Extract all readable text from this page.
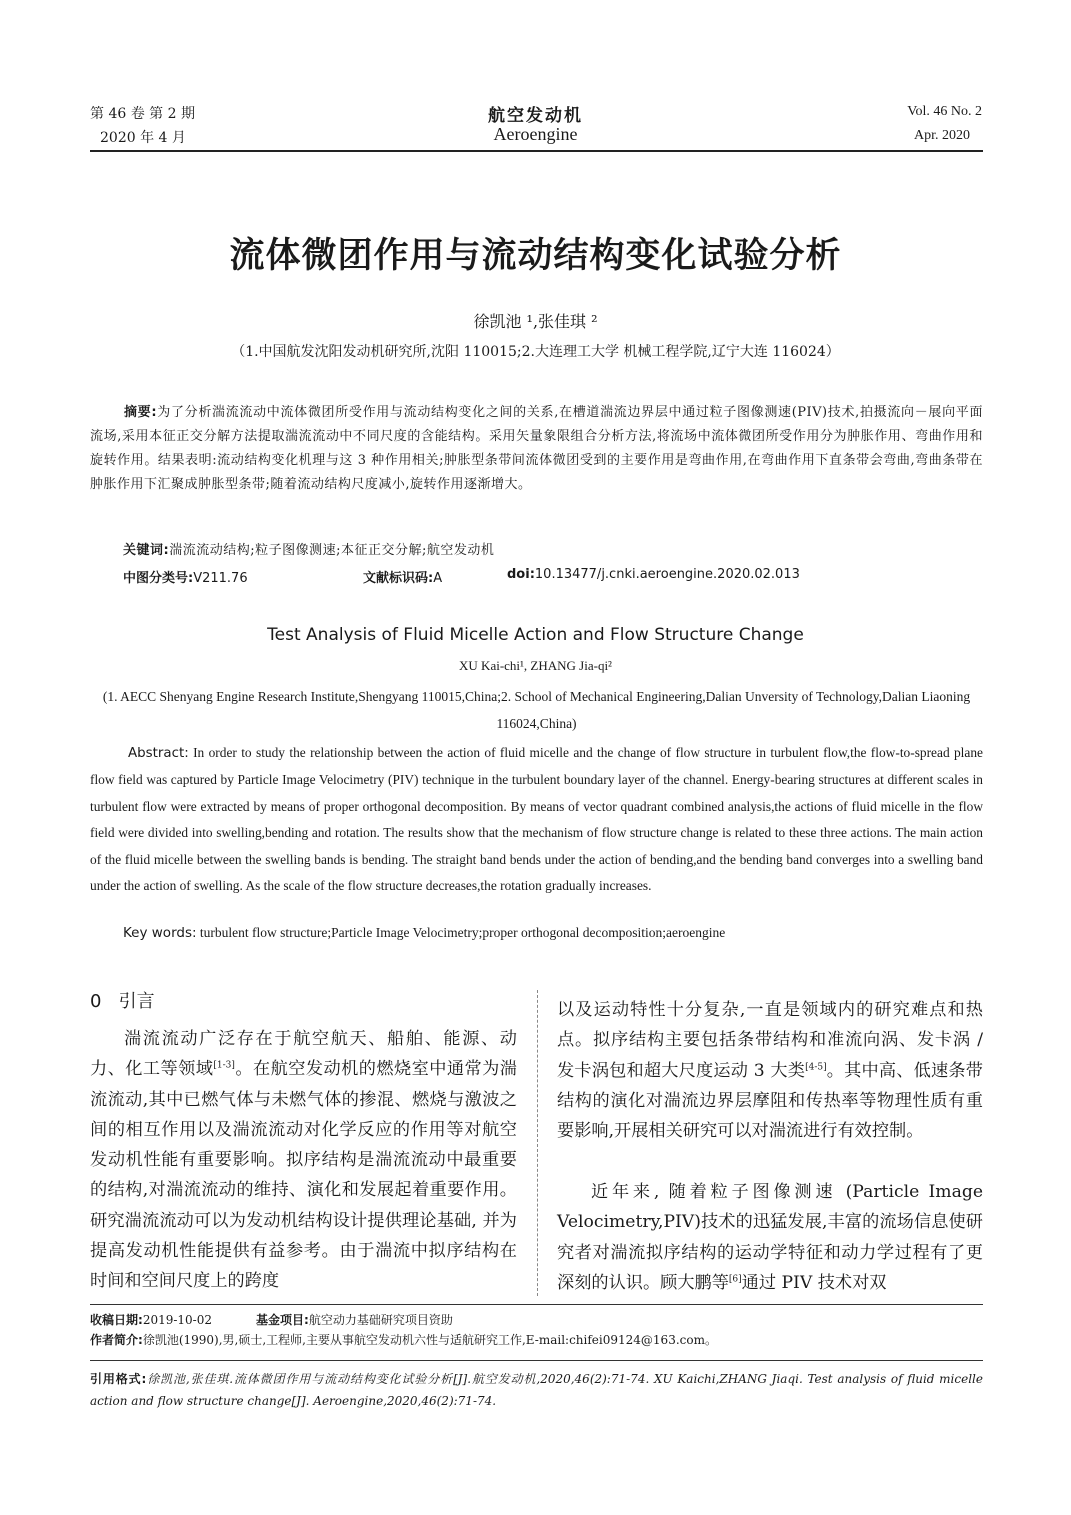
第 46 卷 第 2 期
2020 年 4 月
航空发动机
Aeroengine
Vol. 46 No. 2
Apr. 2020
流体微团作用与流动结构变化试验分析
徐凯池 ¹,张佳琪 ²
（1.中国航发沈阳发动机研究所,沈阳 110015;2.大连理工大学 机械工程学院,辽宁大连 116024）
摘要:为了分析湍流流动中流体微团所受作用与流动结构变化之间的关系,在槽道湍流边界层中通过粒子图像测速(PIV)技术,拍摄流向－展向平面流场,采用本征正交分解方法提取湍流流动中不同尺度的含能结构。采用矢量象限组合分析方法,将流场中流体微团所受作用分为肿胀作用、弯曲作用和旋转作用。结果表明:流动结构变化机理与这 3 种作用相关;肿胀型条带间流体微团受到的主要作用是弯曲作用,在弯曲作用下直条带会弯曲,弯曲条带在肿胀作用下汇聚成肿胀型条带;随着流动结构尺度减小,旋转作用逐渐增大。
关键词:湍流流动结构;粒子图像测速;本征正交分解;航空发动机
中图分类号:V211.76	文献标识码:A	doi:10.13477/j.cnki.aeroengine.2020.02.013
Test Analysis of Fluid Micelle Action and Flow Structure Change
XU Kai-chi¹, ZHANG Jia-qi²
(1. AECC Shenyang Engine Research Institute,Shengyang 110015,China;2. School of Mechanical Engineering,Dalian Unversity of Technology,Dalian Liaoning 116024,China)
Abstract: In order to study the relationship between the action of fluid micelle and the change of flow structure in turbulent flow,the flow-to-spread plane flow field was captured by Particle Image Velocimetry (PIV) technique in the turbulent boundary layer of the channel. Energy-bearing structures at different scales in turbulent flow were extracted by means of proper orthogonal decomposition. By means of vector quadrant combined analysis,the actions of fluid micelle in the flow field were divided into swelling,bending and rotation. The results show that the mechanism of flow structure change is related to these three actions. The main action of the fluid micelle between the swelling bands is bending. The straight band bends under the action of bending,and the bending band converges into a swelling band under the action of swelling. As the scale of the flow structure decreases,the rotation gradually increases.
Key words: turbulent flow structure;Particle Image Velocimetry;proper orthogonal decomposition;aeroengine
0   引言
湍流流动广泛存在于航空航天、船舶、能源、动力、化工等领域[1-3]。在航空发动机的燃烧室中通常为湍流流动,其中已燃气体与未燃气体的掺混、燃烧与激波之间的相互作用以及湍流流动对化学反应的作用等对航空发动机性能有重要影响。拟序结构是湍流流动中最重要的结构,对湍流流动的维持、演化和发展起着重要作用。研究湍流流动可以为发动机结构设计提供理论基础, 并为提高发动机性能提供有益参考。由于湍流中拟序结构在时间和空间尺度上的跨度
以及运动特性十分复杂,一直是领域内的研究难点和热点。拟序结构主要包括条带结构和准流向涡、发卡涡 / 发卡涡包和超大尺度运动 3 大类[4-5]。其中高、低速条带结构的演化对湍流边界层摩阻和传热率等物理性质有重要影响,开展相关研究可以对湍流进行有效控制。
近年来, 随着粒子图像测速 (Particle Image Velocimetry,PIV)技术的迅猛发展,丰富的流场信息使研究者对湍流拟序结构的运动学特征和动力学过程有了更深刻的认识。顾大鹏等[6]通过 PIV 技术对双
收稿日期:2019-10-02	基金项目:航空动力基础研究项目资助
作者简介:徐凯池(1990),男,硕士,工程师,主要从事航空发动机六性与适航研究工作,E-mail:chifei09124@163.com。
引用格式:徐凯池,张佳琪.流体微团作用与流动结构变化试验分析[J].航空发动机,2020,46(2):71-74. XU Kaichi,ZHANG Jiaqi. Test analysis of fluid micelle action and flow structure change[J]. Aeroengine,2020,46(2):71-74.
